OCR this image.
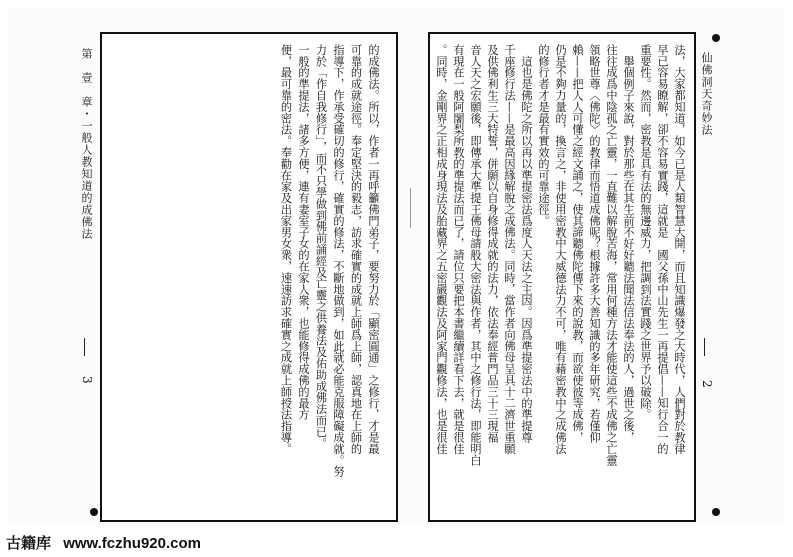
的成佛法。所以，作者一再呼籲佛門弟子，要努力於「顯密圓通」之修行，才是最
可靠的成就途徑。奉定堅決的毅志，訪求確實的成就上師爲上師，認真地在上師的
指導下，作承受確切的修行，確實的修法，不斷地做到，如此就必能克服障礙成就。努
力於「作自我修行」，而不只學做到佛前誦經及亡靈之供養法及佑助成佛法而已。
一般的準提法，諸多方便，連有妻室子女的在家人衆，也能修得成佛的最方
便，最可靠的密法。奉勸在家及出家男女衆，速速訪求確實之成就上師授法指導。
第　壹　章・一般人教知道的成佛法
3	法，大家都知道，如今已是人類智慧大開，而且知識爆發之大時代，人們對於教律
早已容易瞭解，卻不容易實踐，這就是　國父孫中山先生一再提倡——知行合一的
重要性。然而，密教是具有法的無邊威力，把調到法實踐之世界予以破除。
　舉個例子來說，對於那些在其生前不好好聽法聞法信法奉法的人，過世之後，
往往成爲中陰孤之亡靈，一直難以解脫苦海，常用何種方法才能使這些不成佛之亡靈
領略世尊〈佛陀〉的教律而悟道成佛呢？根據許多大善知識的多年研究，若僅仰
賴——把人人可懂之經文誦之，使其諦聽佛陀傳下來的說教，而欲使彼等成佛，
仍是不夠力量的，換言之，非使用密教中大威德法力不可，唯有藉密教中之成佛法
的修行者才是最有實效的可靠途徑。
　這也是佛陀之所以再以準提密法爲度人天法之主因。因爲準提密法中的準提尊
千座修行法——是最高因緣解脫之成佛法。同時，當作者向佛母呈具十二濟世重願
及供佛利生三大特誓，併願以自身修得成就的法力，依法奉經普門品三十三現福
音人天之宏願後，即傳承大準提王佛母請般大密法與作者，其中之修行法，即能明白
有現在一般阿闍梨所教的準提法而已了，請位只要把本書繼續詳看下去，就是很佳
。同時，金剛界之正相成身現法及胎藏界之五密嚴觀法及阿家門觀修法，也是很佳	仙佛洞天奇妙法
2
古籍库 www.fczhu920.com
